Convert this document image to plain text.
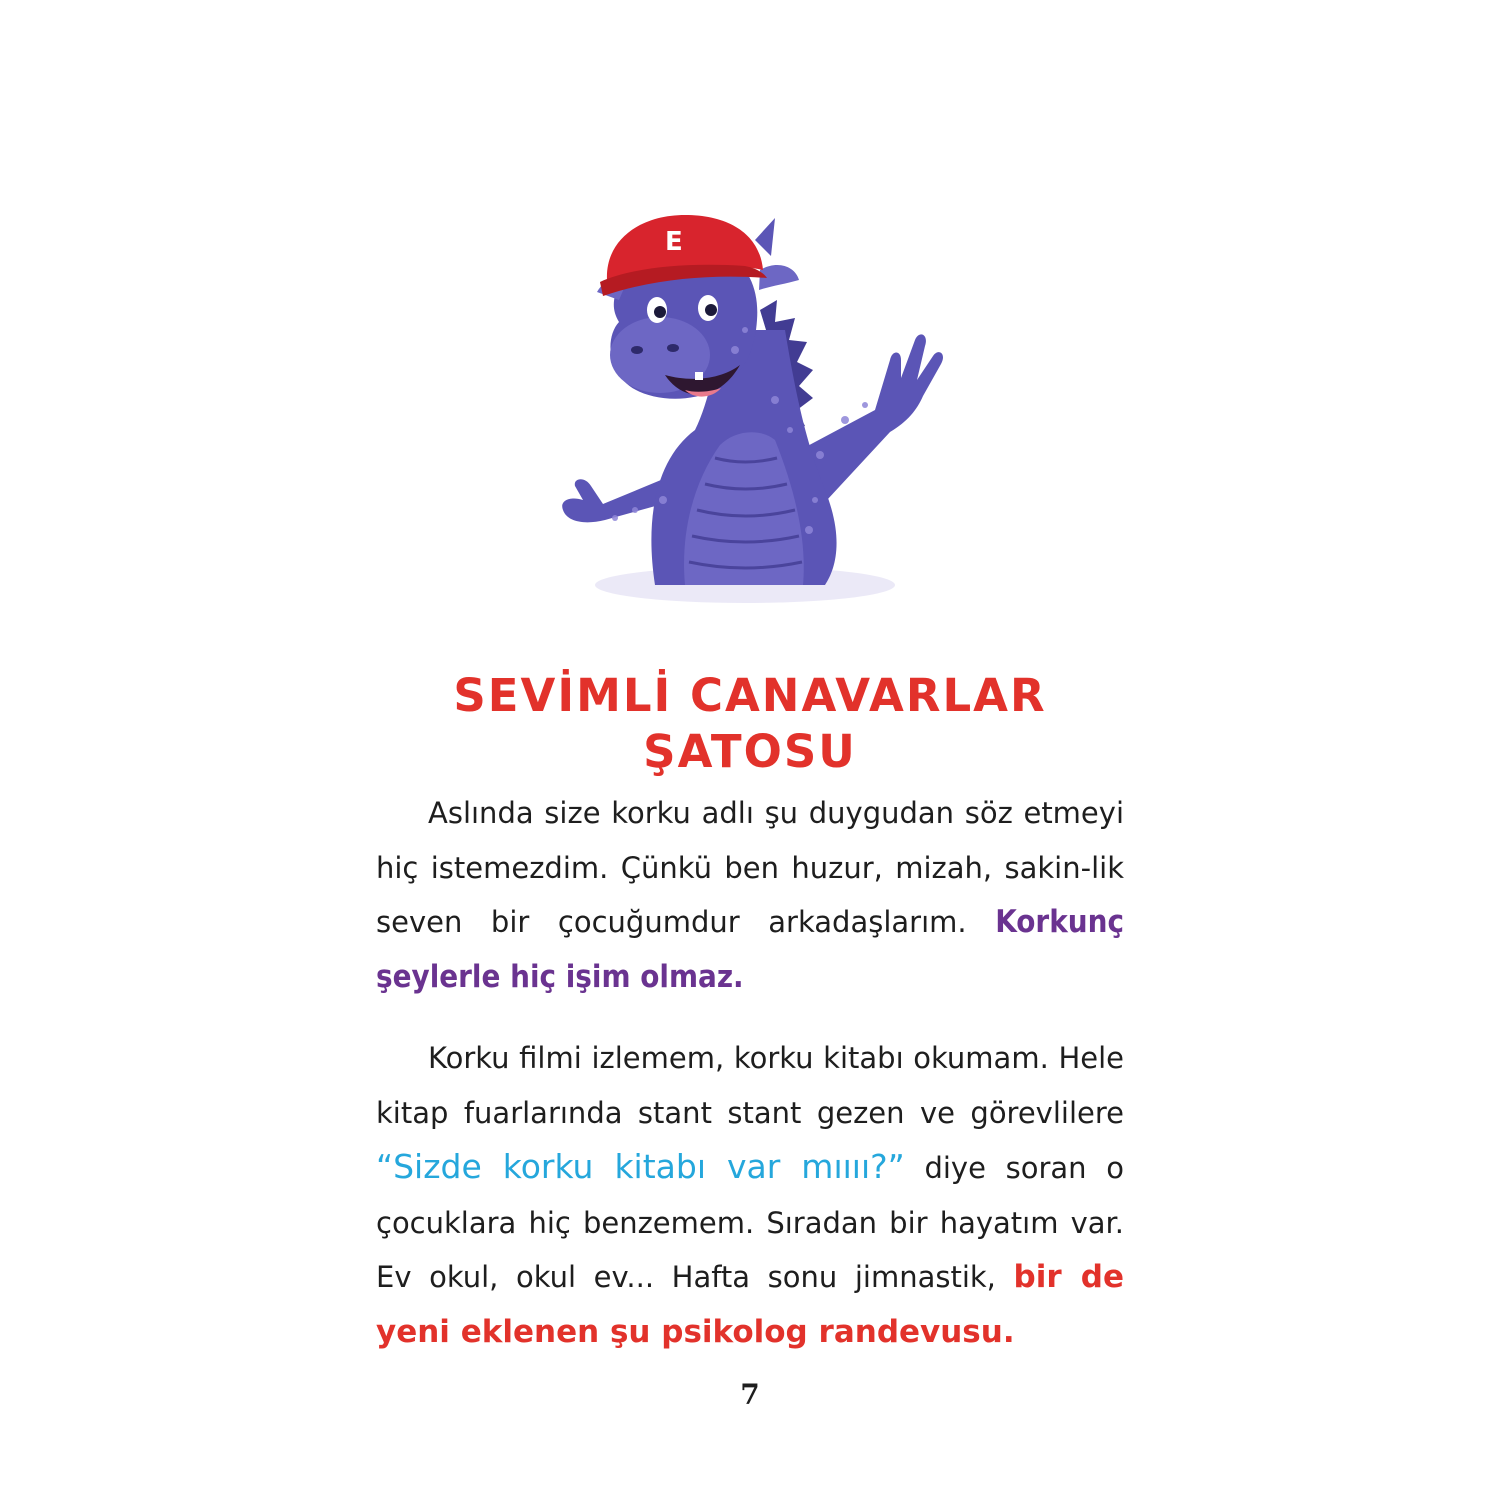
E
SEVİMLİ CANAVARLAR
ŞATOSU

Aslında size korku adlı şu duygudan söz etmeyi hiç istemezdim. Çünkü ben huzur, mizah, sakin-lik seven bir çocuğumdur arkadaşlarım. Korkunç şeylerle hiç işim olmaz.

Korku filmi izlemem, korku kitabı okumam. Hele kitap fuarlarında stant stant gezen ve görevlilere “Sizde korku kitabı var mıııı?” diye soran o çocuklara hiç benzemem. Sıradan bir hayatım var. Ev okul, okul ev... Hafta sonu jimnastik, bir de yeni eklenen şu psikolog randevusu.

7
